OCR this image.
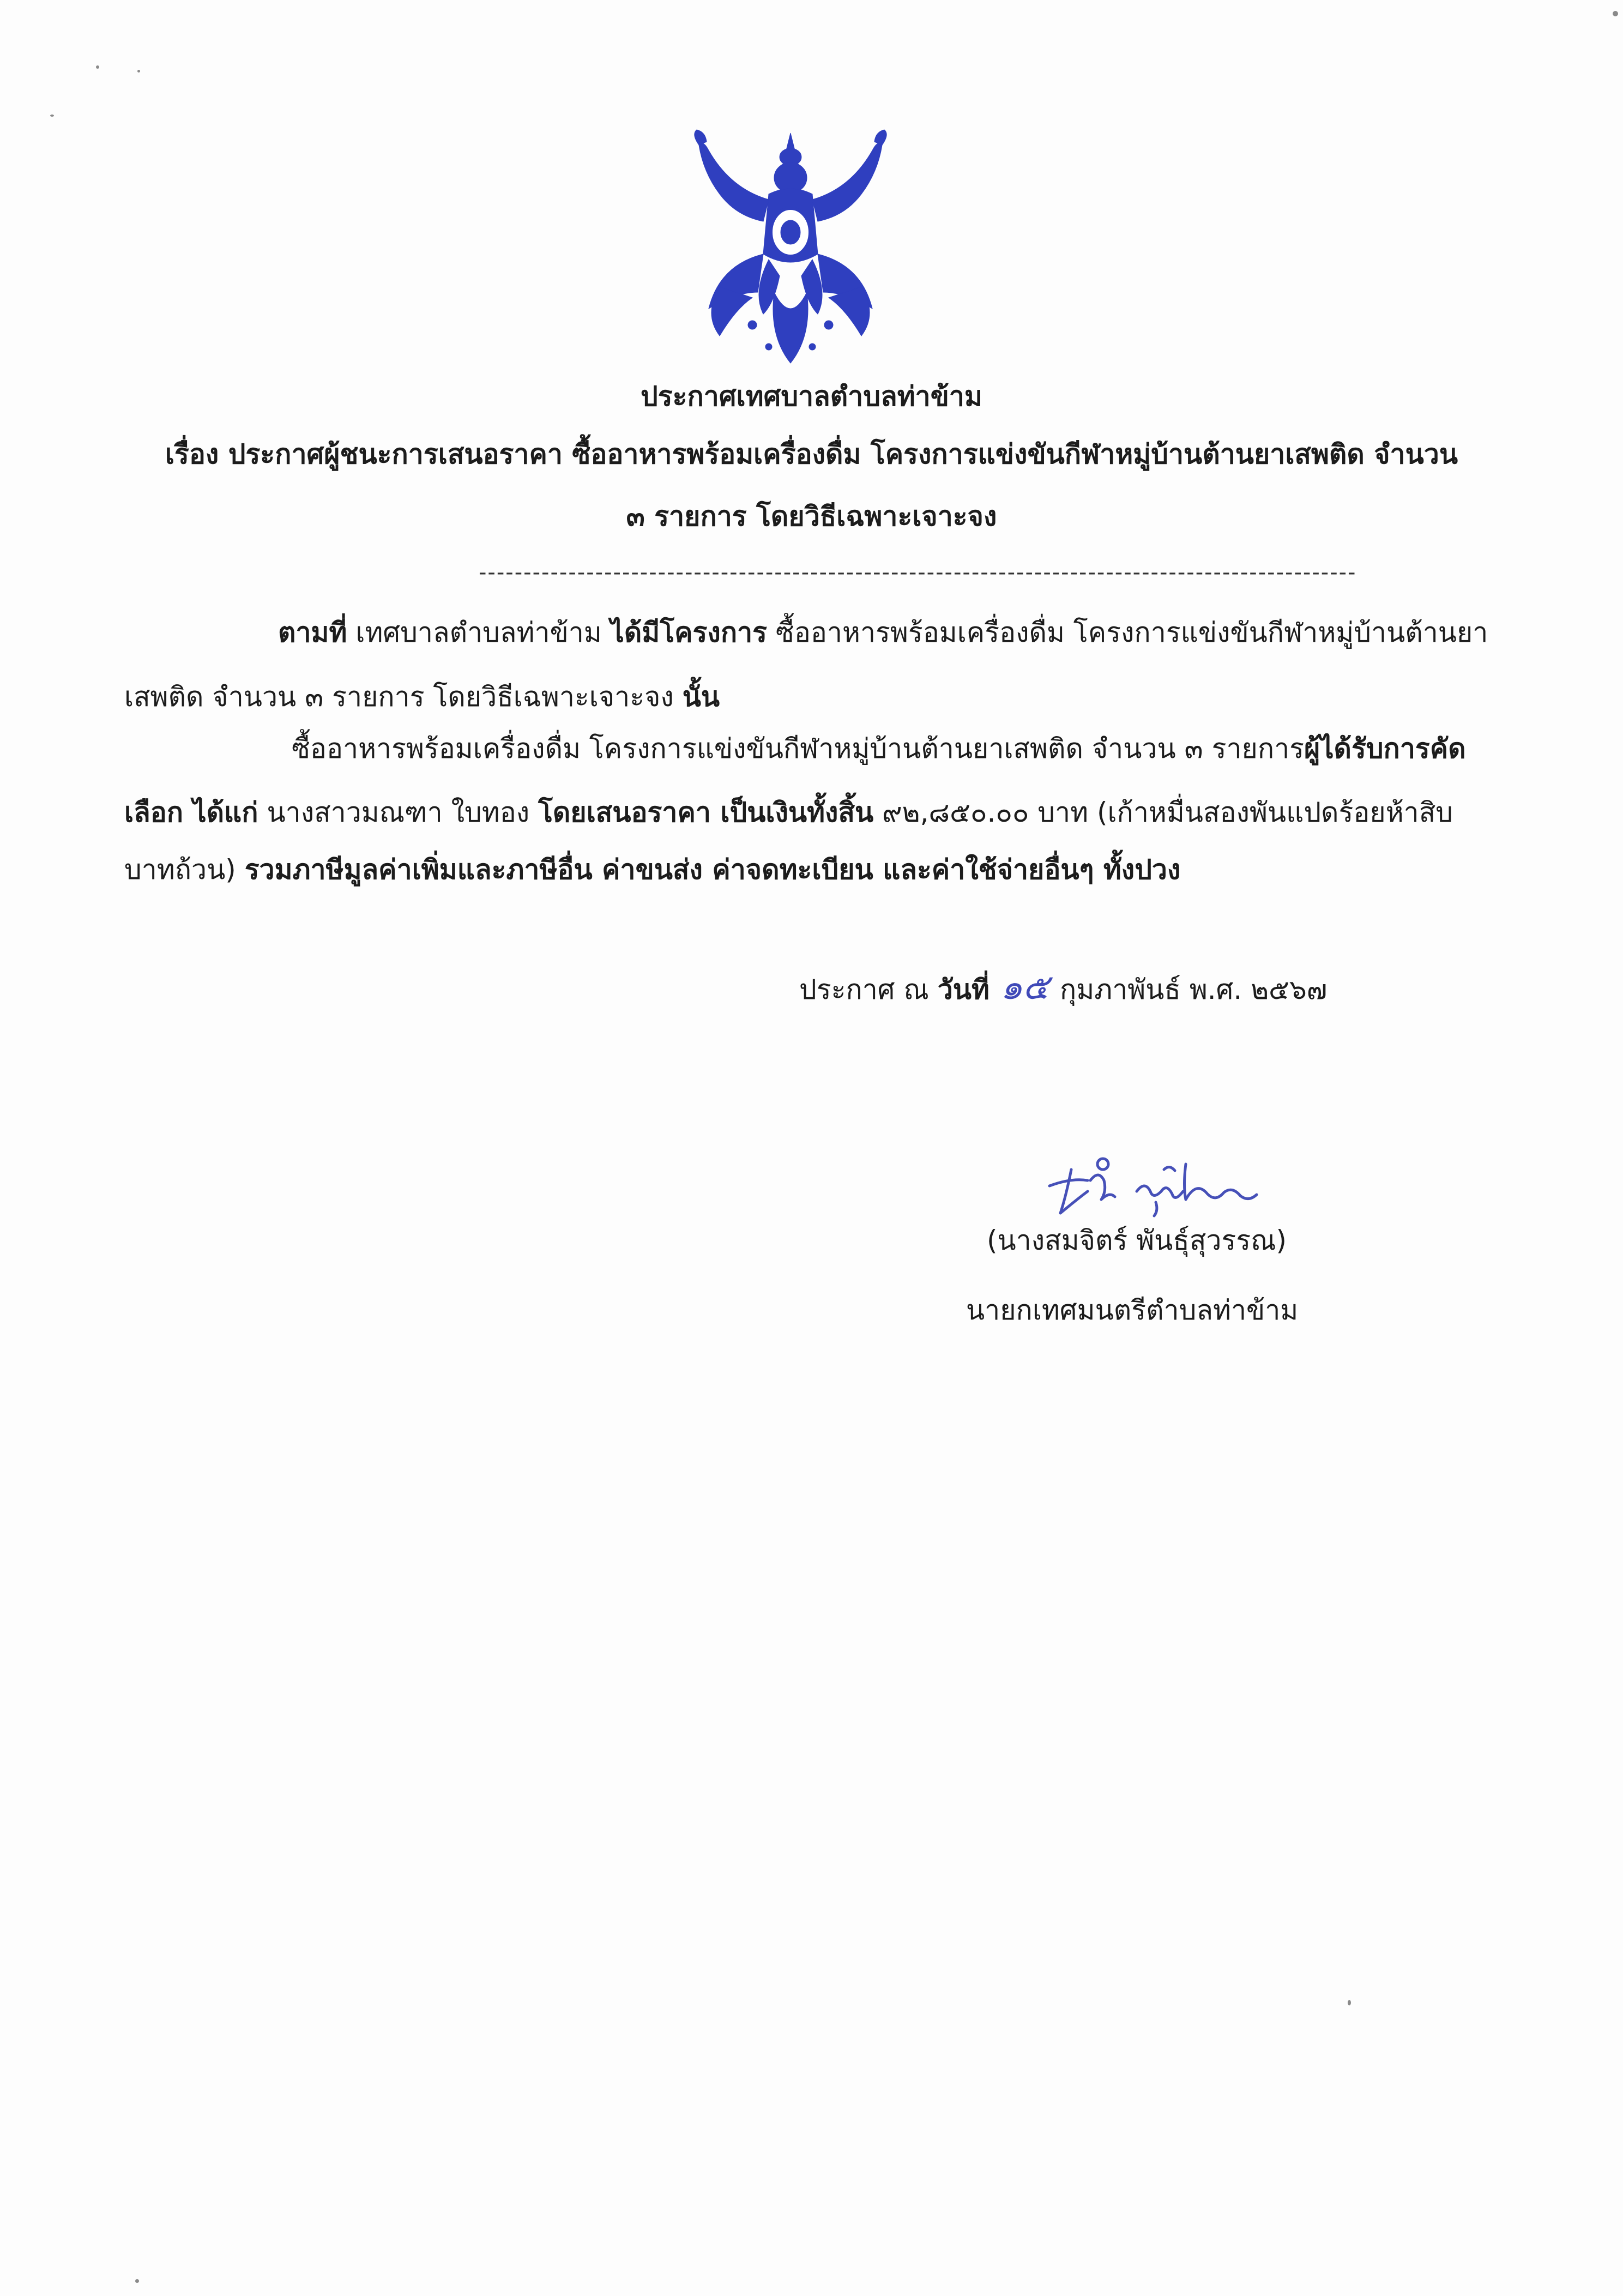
ประกาศเทศบาลตำบลท่าข้าม
เรื่อง ประกาศผู้ชนะการเสนอราคา ซื้ออาหารพร้อมเครื่องดื่ม โครงการแข่งขันกีฬาหมู่บ้านต้านยาเสพติด จำนวน
๓ รายการ โดยวิธีเฉพาะเจาะจง
--------------------------------------------------------------------------------------------------
ตามที่ เทศบาลตำบลท่าข้าม ได้มีโครงการ ซื้ออาหารพร้อมเครื่องดื่ม โครงการแข่งขันกีฬาหมู่บ้านต้านยา
เสพติด จำนวน ๓ รายการ โดยวิธีเฉพาะเจาะจง นั้น
ซื้ออาหารพร้อมเครื่องดื่ม โครงการแข่งขันกีฬาหมู่บ้านต้านยาเสพติด จำนวน ๓ รายการผู้ได้รับการคัด
เลือก ได้แก่ นางสาวมณฑา ใบทอง โดยเสนอราคา เป็นเงินทั้งสิ้น ๙๒,๘๕๐.๐๐ บาท (เก้าหมื่นสองพันแปดร้อยห้าสิบ
บาทถ้วน) รวมภาษีมูลค่าเพิ่มและภาษีอื่น ค่าขนส่ง ค่าจดทะเบียน และค่าใช้จ่ายอื่นๆ ทั้งปวง
ประกาศ ณ วันที่ ๑๕ กุมภาพันธ์ พ.ศ. ๒๕๖๗
(นางสมจิตร์ พันธุ์สุวรรณ)
นายกเทศมนตรีตำบลท่าข้าม
